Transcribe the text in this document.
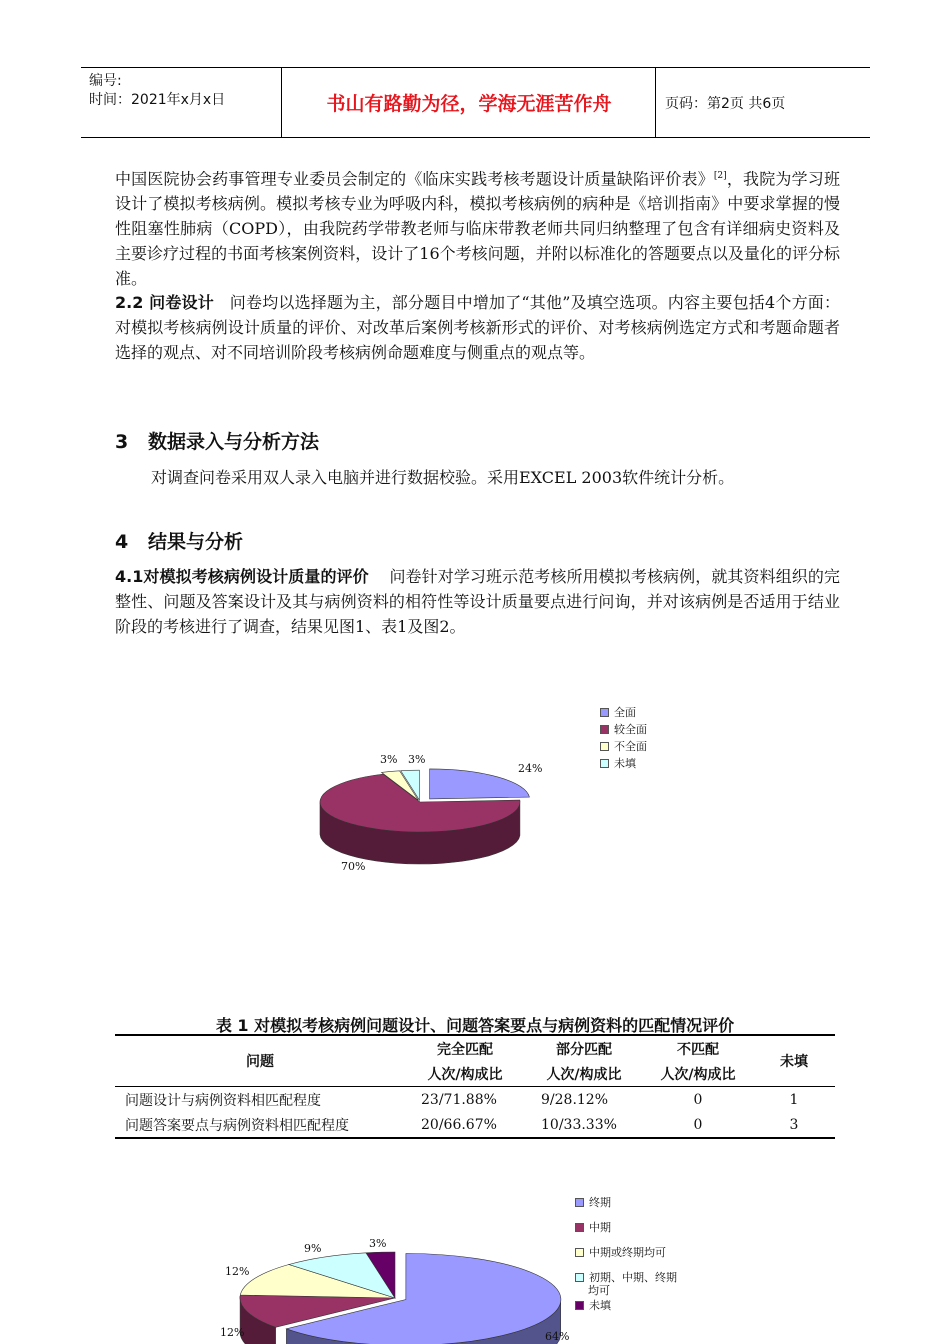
编号:
时间：2021年x月x日	书山有路勤为径，学海无涯苦作舟	页码：第2页 共6页
中国医院协会药事管理专业委员会制定的《临床实践考核考题设计质量缺陷评价表》[2]，我院为学习班设计了模拟考核病例。模拟考核专业为呼吸内科，模拟考核病例的病种是《培训指南》中要求掌握的慢性阻塞性肺病（COPD），由我院药学带教老师与临床带教老师共同归纳整理了包含有详细病史资料及主要诊疗过程的书面考核案例资料，设计了16个考核问题，并附以标准化的答题要点以及量化的评分标准。
2.2 问卷设计 问卷均以选择题为主，部分题目中增加了“其他”及填空选项。内容主要包括4个方面：对模拟考核病例设计质量的评价、对改革后案例考核新形式的评价、对考核病例选定方式和考题命题者选择的观点、对不同培训阶段考核病例命题难度与侧重点的观点等。
3 数据录入与分析方法
对调查问卷采用双人录入电脑并进行数据校验。采用EXCEL 2003软件统计分析。
4 结果与分析
4.1对模拟考核病例设计质量的评价 问卷针对学习班示范考核所用模拟考核病例，就其资料组织的完整性、问题及答案设计及其与病例资料的相符性等设计质量要点进行问询，并对该病例是否适用于结业阶段的考核进行了调查，结果见图1、表1及图2。
全面
较全面
不全面
未填
24%
70%
3% 3%
表 1 对模拟考核病例问题设计、问题答案要点与病例资料的匹配情况评价
问题	完全匹配	部分匹配	不匹配	未填
	人次/构成比	人次/构成比	人次/构成比	
问题设计与病例资料相匹配程度	23/71.88%	9/28.12%	0	1
问题答案要点与病例资料相匹配程度	20/66.67%	10/33.33%	0	3
终期
中期
中期或终期均可
初期、中期、终期
均可
未填
64%
12%
12%
9%	3%
